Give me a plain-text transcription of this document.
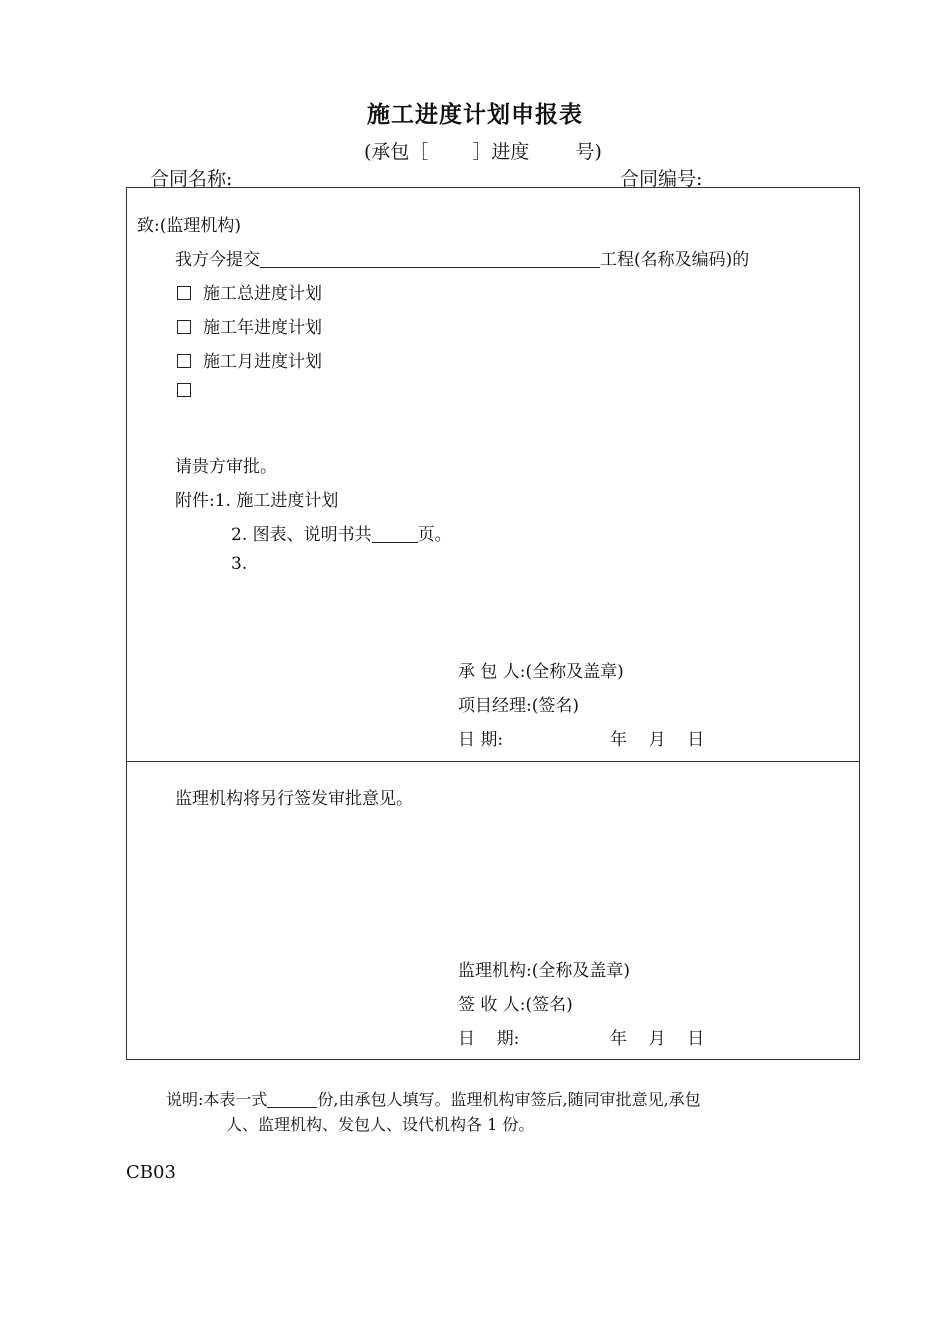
施工进度计划申报表
(承包［ ］进度 号)
合同名称:	合同编号:
致:(监理机构)
我方今提交	工程(名称及编码)的
施工总进度计划
施工年进度计划
施工月进度计划
请贵方审批。
附件:1. 施工进度计划
2. 图表、说明书共	页。
3.
承 包 人:(全称及盖章)
项目经理:(签名)
日 期:	年    月    日
监理机构将另行签发审批意见。
监理机构:(全称及盖章)
签 收 人:(签名)
日    期:	年    月    日
说明:本表一式	份,由承包人填写。监理机构审签后,随同审批意见,承包
人、监理机构、发包人、设代机构各 1 份。
CB03
